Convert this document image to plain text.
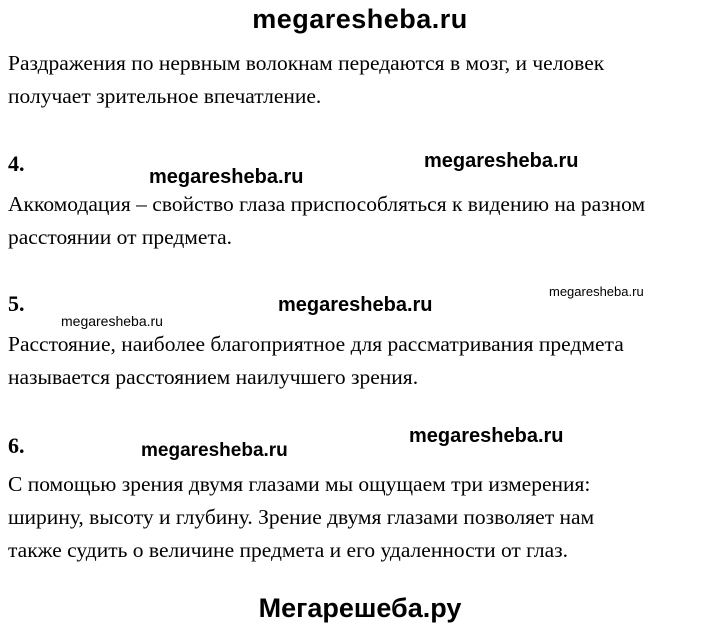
megaresheba.ru
Раздражения по нервным волокнам передаются в мозг, и человек
получает зрительное впечатление.
4.
megaresheba.ru
megaresheba.ru
Аккомодация – свойство глаза приспособляться к видению на разном
расстоянии от предмета.
5.
megaresheba.ru
megaresheba.ru
megaresheba.ru
Расстояние, наиболее благоприятное для рассматривания предмета
называется расстоянием наилучшего зрения.
6.	megaresheba.ru
megaresheba.ru
С помощью зрения двумя глазами мы ощущаем три измерения:
ширину, высоту и глубину. Зрение двумя глазами позволяет нам
также судить о величине предмета и его удаленности от глаз.
Мегарешеба.ру
